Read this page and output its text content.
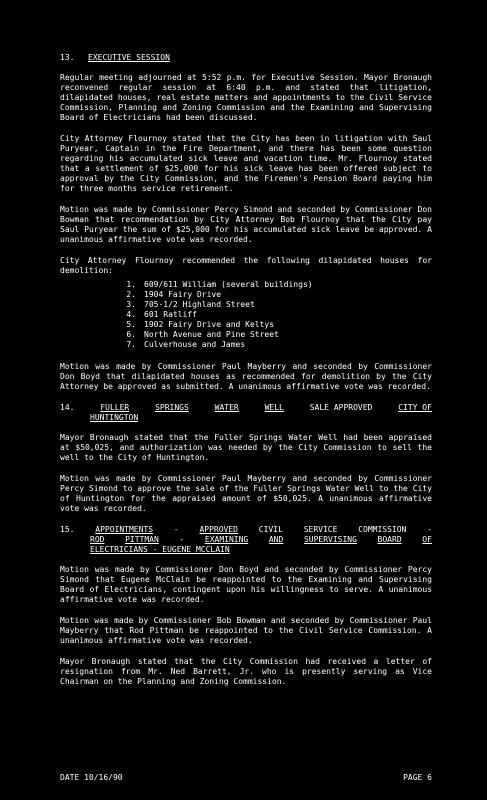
13.	EXECUTIVE SESSION

Regular meeting adjourned at 5:52 p.m. for Executive Session. Mayor Bronaugh reconvened regular session at 6:40 p.m. and stated that litigation, dilapidated houses, real estate matters and appointments to the Civil Service Commission, Planning and Zoning Commission and the Examining and Supervising Board of Electricians had been discussed.

City Attorney Flournoy stated that the City has been in litigation with Saul Puryear, Captain in the Fire Department, and there has been some question regarding his accumulated sick leave and vacation time. Mr. Flournoy stated that a settlement of $25,000 for his sick leave has been offered subject to approval by the City Commission, and the Firemen's Pension Board paying him for three months service retirement.

Motion was made by Commissioner Percy Simond and seconded by Commissioner Don Bowman that recommendation by City Attorney Bob Flournoy that the City pay Saul Puryear the sum of $25,000 for his accumulated sick leave be approved. A unanimous affirmative vote was recorded.

City Attorney Flournoy recommended the following dilapidated houses for demolition:

1.	609/611 William (several buildings)
2.	1904 Fairy Drive
3.	705-1/2 Highland Street
4.	601 Ratliff
5.	1902 Fairy Drive and Keltys
6.	North Avenue and Pine Street
7.	Culverhouse and James

Motion was made by Commissioner Paul Mayberry and seconded by Commissioner Don Boyd that dilapidated houses as recommended for demolition by the City Attorney be approved as submitted. A unanimous affirmative vote was recorded.

14.	FULLER	SPRINGS	WATER	WELL	SALE APPROVED	CITY OF
HUNTINGTON

Mayor Bronaugh stated that the Fuller Springs Water Well had been appraised at $50,025, and authorization was needed by the City Commission to sell the well to the City of Huntington.

Motion was made by Commissioner Paul Mayberry and seconded by Commissioner Percy Simond to approve the sale of the Fuller Springs Water Well to the City of Huntington for the appraised amount of $50,025. A unanimous affirmative vote was recorded.

15.	APPOINTMENTS	-	APPROVED	CIVIL	SERVICE	COMMISSION	-
ROD	PITTMAN	-	EXAMINING	AND	SUPERVISING	BOARD	OF
ELECTRICIANS - EUGENE MCCLAIN

Motion was made by Commissioner Don Boyd and seconded by Commissioner Percy Simond that Eugene McClain be reappointed to the Examining and Supervising Board of Electricians, contingent upon his willingness to serve. A unanimous affirmative vote was recorded.

Motion was made by Commissioner Bob Bowman and seconded by Commissioner Paul Mayberry that Rod Pittman be reappointed to the Civil Service Commission. A unanimous affirmative vote was recorded.

Mayor Bronaugh stated that the City Commission had received a letter of resignation from Mr. Ned Barrett, Jr. who is presently serving as Vice Chairman on the Planning and Zoning Commission.

DATE 10/16/90	PAGE 6
